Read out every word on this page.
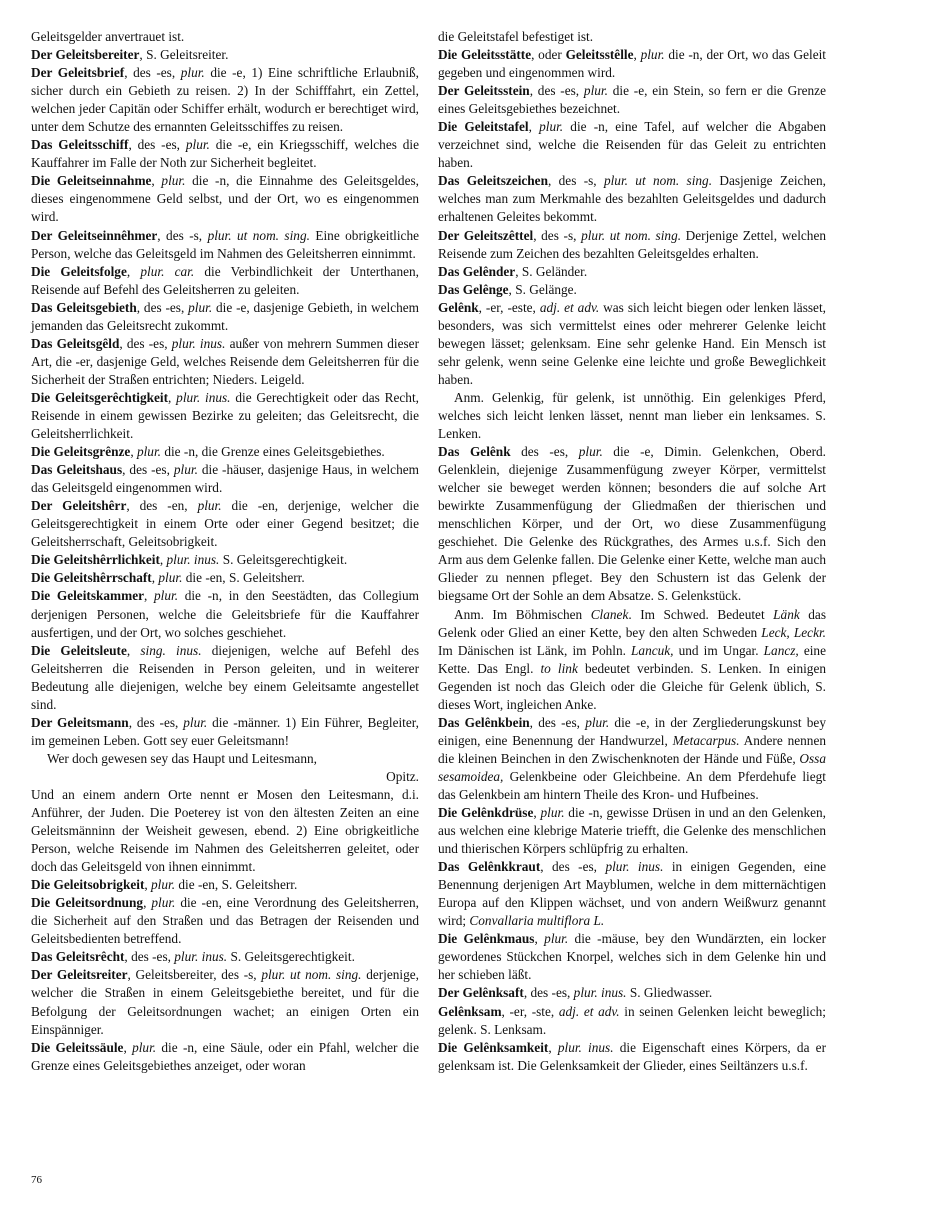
Geleitsgelder anvertrauet ist.

Der Geleitsbereiter, S. Geleitsreiter.

Der Geleitsbrief, des -es, plur. die -e, 1) Eine schriftliche Erlaubniß, sicher durch ein Gebieth zu reisen. 2) In der Schifffahrt, ein Zettel, welchen jeder Capitän oder Schiffer erhält, wodurch er berechtiget wird, unter dem Schutze des ernannten Geleitsschiffes zu reisen.

Das Geleitsschiff, des -es, plur. die -e, ein Kriegsschiff, welches die Kauffahrer im Falle der Noth zur Sicherheit begleitet.

Die Geleitseinnahme, plur. die -n, die Einnahme des Geleitsgeldes, dieses eingenommene Geld selbst, und der Ort, wo es eingenommen wird.

Der Geleitseinnêhmer, des -s, plur. ut nom. sing. Eine obrigkeitliche Person, welche das Geleitsgeld im Nahmen des Geleitsherren einnimmt.

Die Geleitsfolge, plur. car. die Verbindlichkeit der Unterthanen, Reisende auf Befehl des Geleitsherren zu geleiten.

Das Geleitsgebieth, des -es, plur. die -e, dasjenige Gebieth, in welchem jemanden das Geleitsrecht zukommt.

Das Geleitsgêld, des -es, plur. inus. außer von mehrern Summen dieser Art, die -er, dasjenige Geld, welches Reisende dem Geleitsherren für die Sicherheit der Straßen entrichten; Nieders. Leigeld.

Die Geleitsgerêchtigkeit, plur. inus. die Gerechtigkeit oder das Recht, Reisende in einem gewissen Bezirke zu geleiten; das Geleitsrecht, die Geleitsherrlichkeit.

Die Geleitsgrênze, plur. die -n, die Grenze eines Geleitsgebiethes.

Das Geleitshaus, des -es, plur. die -häuser, dasjenige Haus, in welchem das Geleitsgeld eingenommen wird.

Der Geleitshêrr, des -en, plur. die -en, derjenige, welcher die Geleitsgerechtigkeit in einem Orte oder einer Gegend besitzet; die Geleitsherrschaft, Geleitsobrigkeit.

Die Geleitshêrrlichkeit, plur. inus. S. Geleitsgerechtigkeit.

Die Geleitshêrrschaft, plur. die -en, S. Geleitsherr.

Die Geleitskammer, plur. die -n, in den Seestädten, das Collegium derjenigen Personen, welche die Geleitsbriefe für die Kauffahrer ausfertigen, und der Ort, wo solches geschiehet.

Die Geleitsleute, sing. inus. diejenigen, welche auf Befehl des Geleitsherren die Reisenden in Person geleiten, und in weiterer Bedeutung alle diejenigen, welche bey einem Geleitsamte angestellet sind.

Der Geleitsmann, des -es, plur. die -männer. 1) Ein Führer, Begleiter, im gemeinen Leben. Gott sey euer Geleitsmann!

Wer doch gewesen sey das Haupt und Leitesmann,

Opitz.

Und an einem andern Orte nennt er Mosen den Leitesmann, d.i. Anführer, der Juden. Die Poeterey ist von den ältesten Zeiten an eine Geleitsmänninn der Weisheit gewesen, ebend. 2) Eine obrigkeitliche Person, welche Reisende im Nahmen des Geleitsherren geleitet, oder doch das Geleitsgeld von ihnen einnimmt.

Die Geleitsobrigkeit, plur. die -en, S. Geleitsherr.

Die Geleitsordnung, plur. die -en, eine Verordnung des Geleitsherren, die Sicherheit auf den Straßen und das Betragen der Reisenden und Geleitsbedienten betreffend.

Das Geleitsrêcht, des -es, plur. inus. S. Geleitsgerechtigkeit.

Der Geleitsreiter, Geleitsbereiter, des -s, plur. ut nom. sing. derjenige, welcher die Straßen in einem Geleitsgebiethe bereitet, und für die Befolgung der Geleitsordnungen wachet; an einigen Orten ein Einspänniger.

Die Geleitssäule, plur. die -n, eine Säule, oder ein Pfahl, welcher die Grenze eines Geleitsgebiethes anzeiget, oder woran

die Geleitstafel befestiget ist.

Die Geleitsstätte, oder Geleitsstêlle, plur. die -n, der Ort, wo das Geleit gegeben und eingenommen wird.

Der Geleitsstein, des -es, plur. die -e, ein Stein, so fern er die Grenze eines Geleitsgebiethes bezeichnet.

Die Geleitstafel, plur. die -n, eine Tafel, auf welcher die Abgaben verzeichnet sind, welche die Reisenden für das Geleit zu entrichten haben.

Das Geleitszeichen, des -s, plur. ut nom. sing. Dasjenige Zeichen, welches man zum Merkmahle des bezahlten Geleitsgeldes und dadurch erhaltenen Geleites bekommt.

Der Geleitszêttel, des -s, plur. ut nom. sing. Derjenige Zettel, welchen Reisende zum Zeichen des bezahlten Geleitsgeldes erhalten.

Das Gelênder, S. Geländer.

Das Gelênge, S. Gelänge.

Gelênk, -er, -este, adj. et adv. was sich leicht biegen oder lenken lässet, besonders, was sich vermittelst eines oder mehrerer Gelenke leicht bewegen lässet; gelenksam. Eine sehr gelenke Hand. Ein Mensch ist sehr gelenk, wenn seine Gelenke eine leichte und große Beweglichkeit haben.

Anm. Gelenkig, für gelenk, ist unnöthig. Ein gelenkiges Pferd, welches sich leicht lenken lässet, nennt man lieber ein lenksames. S. Lenken.

Das Gelênk des -es, plur. die -e, Dimin. Gelenkchen, Oberd. Gelenklein, diejenige Zusammenfügung zweyer Körper, vermittelst welcher sie beweget werden können; besonders die auf solche Art bewirkte Zusammenfügung der Gliedmaßen der thierischen und menschlichen Körper, und der Ort, wo diese Zusammenfügung geschiehet. Die Gelenke des Rückgrathes, des Armes u.s.f. Sich den Arm aus dem Gelenke fallen. Die Gelenke einer Kette, welche man auch Glieder zu nennen pfleget. Bey den Schustern ist das Gelenk der biegsame Ort der Sohle an dem Absatze. S. Gelenkstück.

Anm. Im Böhmischen Clanek. Im Schwed. Bedeutet Länk das Gelenk oder Glied an einer Kette, bey den alten Schweden Leck, Leckr. Im Dänischen ist Länk, im Pohln. Lancuk, und im Ungar. Lancz, eine Kette. Das Engl. to link bedeutet verbinden. S. Lenken. In einigen Gegenden ist noch das Gleich oder die Gleiche für Gelenk üblich, S. dieses Wort, ingleichen Anke.

Das Gelênkbein, des -es, plur. die -e, in der Zergliederungskunst bey einigen, eine Benennung der Handwurzel, Metacarpus. Andere nennen die kleinen Beinchen in den Zwischenknoten der Hände und Füße, Ossa sesamoidea, Gelenkbeine oder Gleichbeine. An dem Pferdehufe liegt das Gelenkbein am hintern Theile des Kron- und Hufbeines.

Die Gelênkdrüse, plur. die -n, gewisse Drüsen in und an den Gelenken, aus welchen eine klebrige Materie triefft, die Gelenke des menschlichen und thierischen Körpers schlüpfrig zu erhalten.

Das Gelênkkraut, des -es, plur. inus. in einigen Gegenden, eine Benennung derjenigen Art Mayblumen, welche in dem mitternächtigen Europa auf den Klippen wächset, und von andern Weißwurz genannt wird; Convallaria multiflora L.

Die Gelênkmaus, plur. die -mäuse, bey den Wundärzten, ein locker gewordenes Stückchen Knorpel, welches sich in dem Gelenke hin und her schieben läßt.

Der Gelênksaft, des -es, plur. inus. S. Gliedwasser.

Gelênksam, -er, -ste, adj. et adv. in seinen Gelenken leicht beweglich; gelenk. S. Lenksam.

Die Gelênksamkeit, plur. inus. die Eigenschaft eines Körpers, da er gelenksam ist. Die Gelenksamkeit der Glieder, eines Seiltänzers u.s.f.

76
